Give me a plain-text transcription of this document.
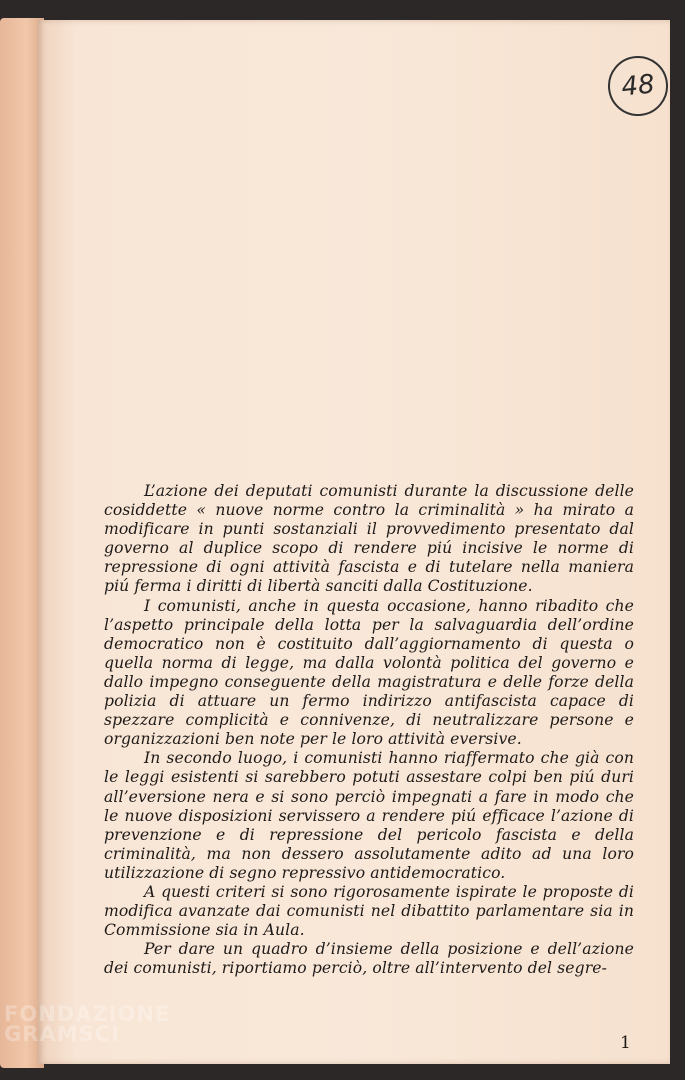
48

L’azione dei deputati comunisti durante la discussione delle cosiddette « nuove norme contro la criminalità » ha mirato a modificare in punti sostanziali il provvedimento presentato dal governo al duplice scopo di rendere piú incisive le norme di repressione di ogni attività fascista e di tutelare nella maniera piú ferma i diritti di libertà sanciti dalla Costituzione.

I comunisti, anche in questa occasione, hanno ribadito che l’aspetto principale della lotta per la salvaguardia dell’ordine democratico non è costituito dall’aggiornamento di questa o quella norma di legge, ma dalla volontà politica del governo e dallo impegno conseguente della magistratura e delle forze della polizia di attuare un fermo indirizzo antifascista capace di spezzare complicità e connivenze, di neutralizzare persone e organizzazioni ben note per le loro attività eversive.

In secondo luogo, i comunisti hanno riaffermato che già con le leggi esistenti si sarebbero potuti assestare colpi ben piú duri all’eversione nera e si sono perciò impegnati a fare in modo che le nuove disposizioni servissero a rendere piú efficace l’azione di prevenzione e di repressione del pericolo fascista e della criminalità, ma non dessero assolutamente adito ad una loro utilizzazione di segno repressivo antidemocratico.

A questi criteri si sono rigorosamente ispirate le proposte di modifica avanzate dai comunisti nel dibattito parlamentare sia in Commissione sia in Aula.

Per dare un quadro d’insieme della posizione e dell’azione dei comunisti, riportiamo perciò, oltre all’intervento del segre-

1
FONDAZIONE
GRAMSCI
